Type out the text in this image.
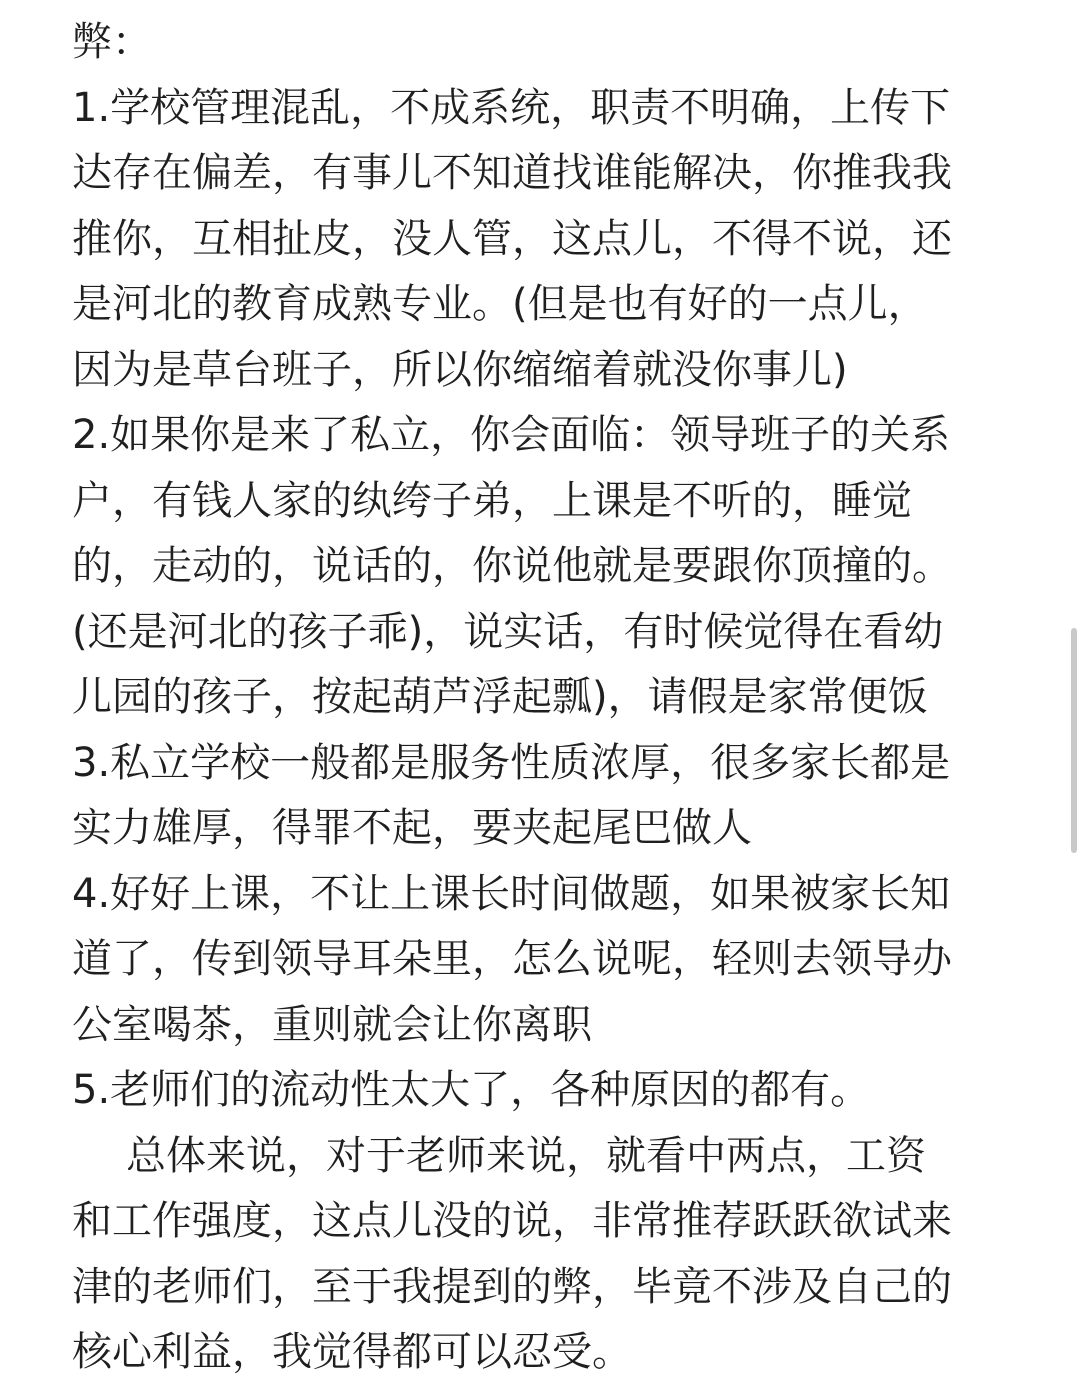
弊：
1.学校管理混乱，不成系统，职责不明确，上传下
达存在偏差，有事儿不知道找谁能解决，你推我我
推你，互相扯皮，没人管，这点儿，不得不说，还
是河北的教育成熟专业。(但是也有好的一点儿，
因为是草台班子，所以你缩缩着就没你事儿)
2.如果你是来了私立，你会面临：领导班子的关系
户，有钱人家的纨绔子弟，上课是不听的，睡觉
的，走动的，说话的，你说他就是要跟你顶撞的。
(还是河北的孩子乖)，说实话，有时候觉得在看幼
儿园的孩子，按起葫芦浮起瓢)，请假是家常便饭
3.私立学校一般都是服务性质浓厚，很多家长都是
实力雄厚，得罪不起，要夹起尾巴做人
4.好好上课，不让上课长时间做题，如果被家长知
道了，传到领导耳朵里，怎么说呢，轻则去领导办
公室喝茶，重则就会让你离职
5.老师们的流动性太大了，各种原因的都有。
总体来说，对于老师来说，就看中两点，工资
和工作强度，这点儿没的说，非常推荐跃跃欲试来
津的老师们，至于我提到的弊，毕竟不涉及自己的
核心利益，我觉得都可以忍受。
